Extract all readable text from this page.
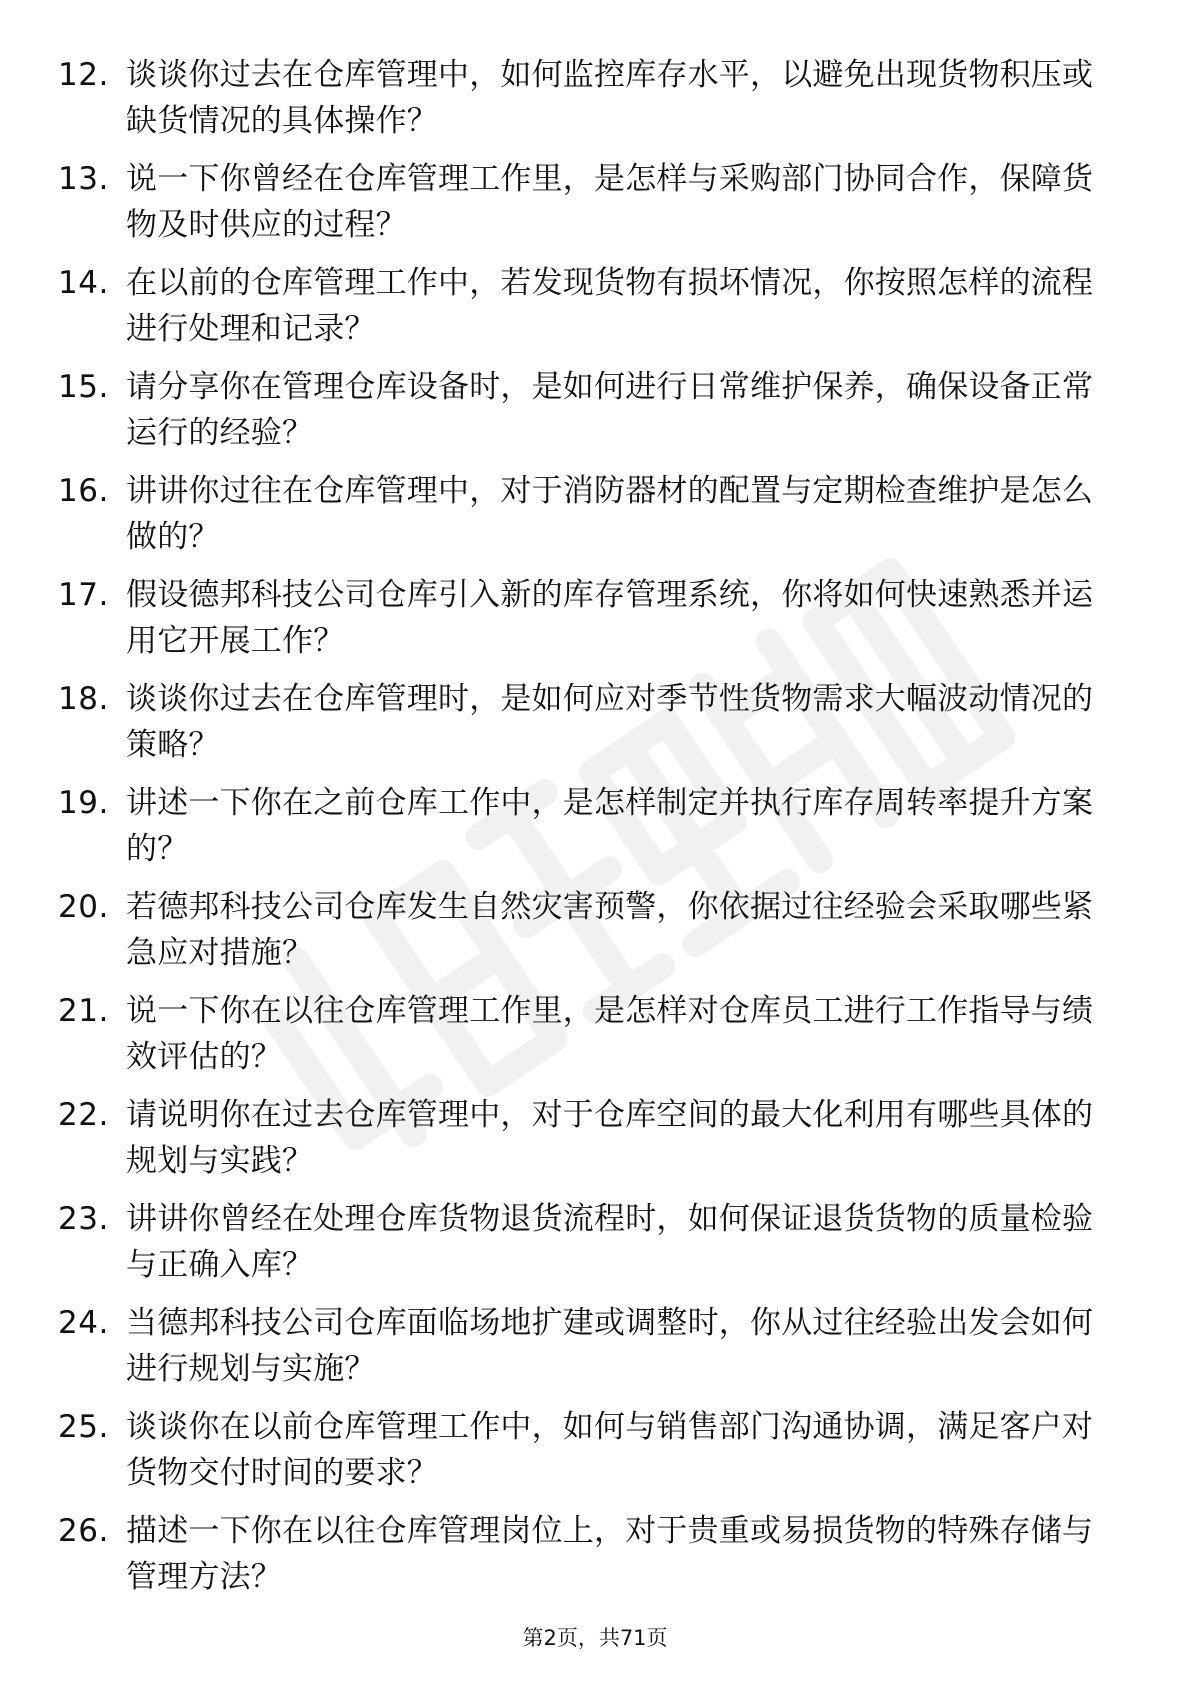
12. 谈谈你过去在仓库管理中，如何监控库存水平，以避免出现货物积压或缺货情况的具体操作？
13. 说一下你曾经在仓库管理工作里，是怎样与采购部门协同合作，保障货物及时供应的过程？
14. 在以前的仓库管理工作中，若发现货物有损坏情况，你按照怎样的流程进行处理和记录？
15. 请分享你在管理仓库设备时，是如何进行日常维护保养，确保设备正常运行的经验？
16. 讲讲你过往在仓库管理中，对于消防器材的配置与定期检查维护是怎么做的？
17. 假设德邦科技公司仓库引入新的库存管理系统，你将如何快速熟悉并运用它开展工作？
18. 谈谈你过去在仓库管理时，是如何应对季节性货物需求大幅波动情况的策略？
19. 讲述一下你在之前仓库工作中，是怎样制定并执行库存周转率提升方案的？
20. 若德邦科技公司仓库发生自然灾害预警，你依据过往经验会采取哪些紧急应对措施？
21. 说一下你在以往仓库管理工作里，是怎样对仓库员工进行工作指导与绩效评估的？
22. 请说明你在过去仓库管理中，对于仓库空间的最大化利用有哪些具体的规划与实践？
23. 讲讲你曾经在处理仓库货物退货流程时，如何保证退货货物的质量检验与正确入库？
24. 当德邦科技公司仓库面临场地扩建或调整时，你从过往经验出发会如何进行规划与实施？
25. 谈谈你在以前仓库管理工作中，如何与销售部门沟通协调，满足客户对货物交付时间的要求？
26. 描述一下你在以往仓库管理岗位上，对于贵重或易损货物的特殊存储与管理方法？
第2页，共71页
